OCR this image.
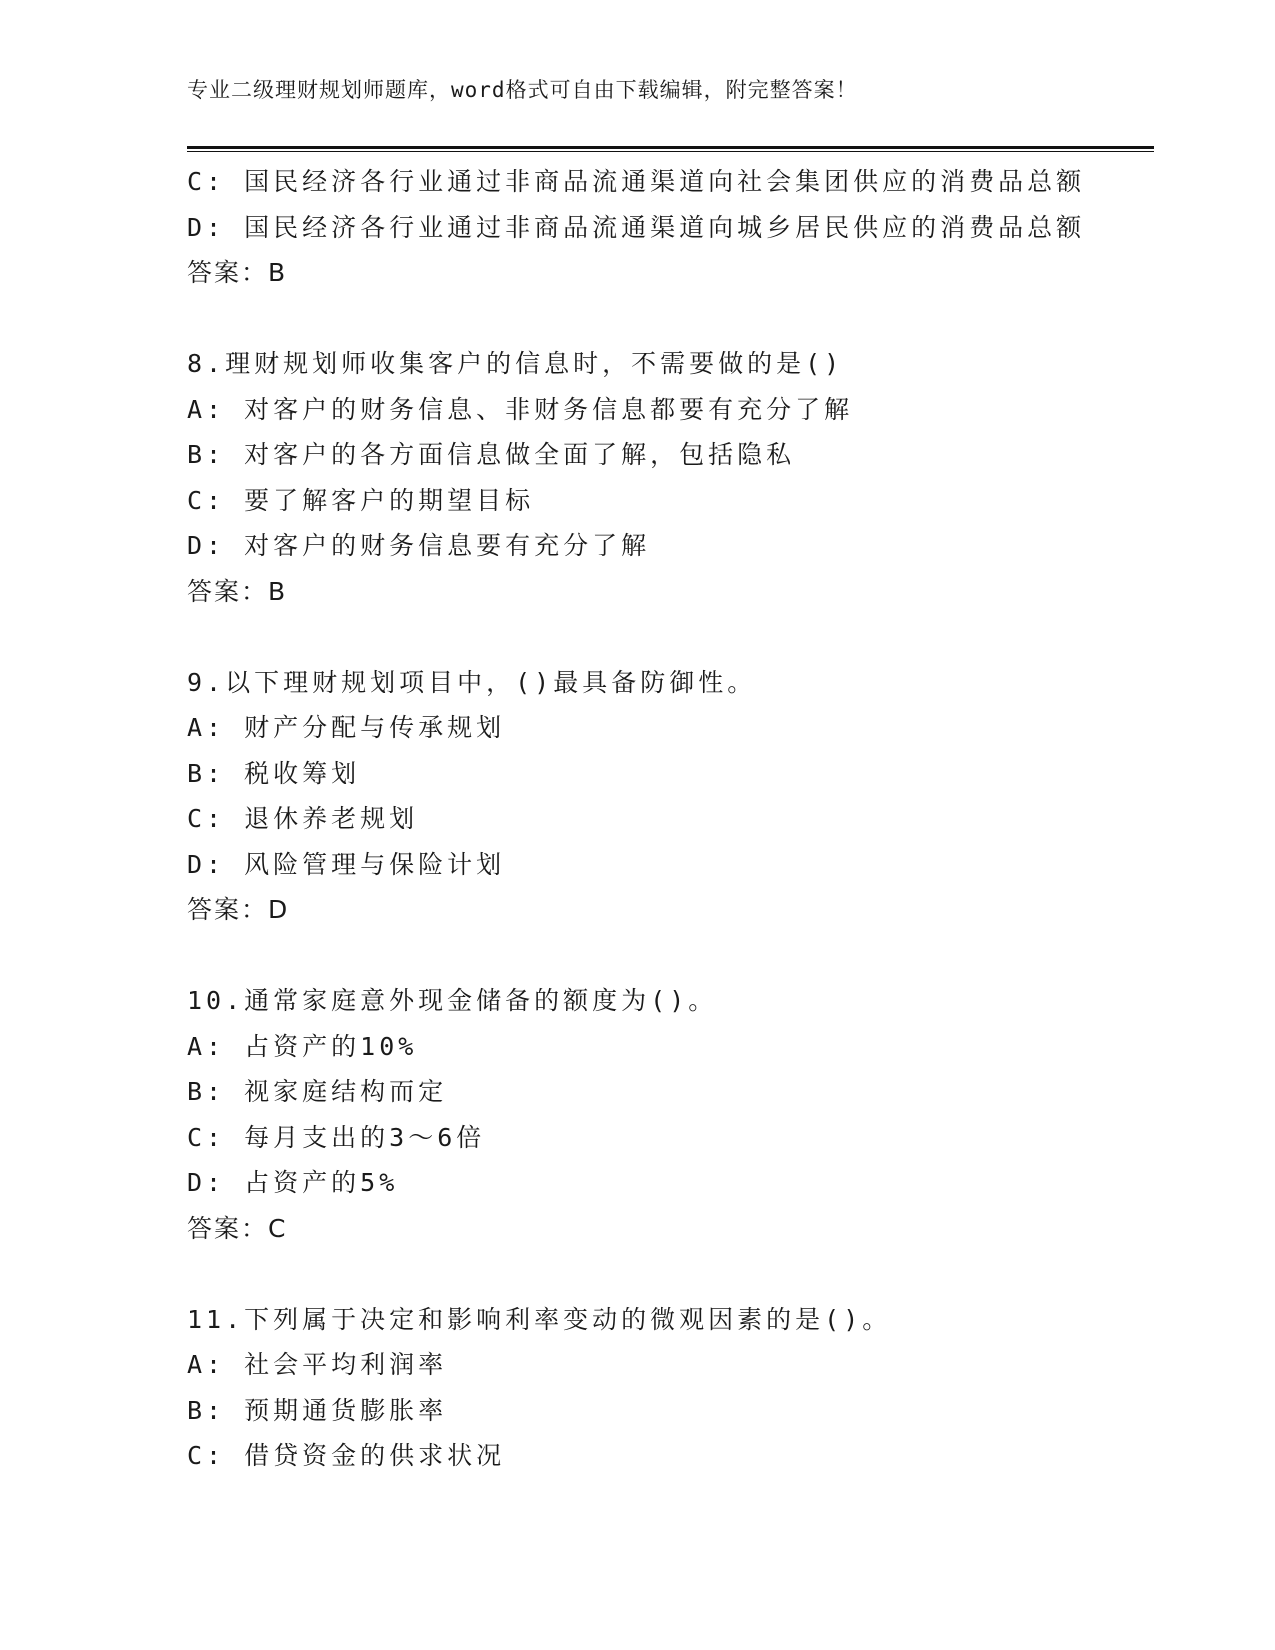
专业二级理财规划师题库，word格式可自由下载编辑，附完整答案！
C: 国民经济各行业通过非商品流通渠道向社会集团供应的消费品总额
D: 国民经济各行业通过非商品流通渠道向城乡居民供应的消费品总额
答案：B
8.理财规划师收集客户的信息时，不需要做的是()
A: 对客户的财务信息、非财务信息都要有充分了解
B: 对客户的各方面信息做全面了解，包括隐私
C: 要了解客户的期望目标
D: 对客户的财务信息要有充分了解
答案：B
9.以下理财规划项目中，()最具备防御性。
A: 财产分配与传承规划
B: 税收筹划
C: 退休养老规划
D: 风险管理与保险计划
答案：D
10.通常家庭意外现金储备的额度为()。
A: 占资产的10%
B: 视家庭结构而定
C: 每月支出的3～6倍
D: 占资产的5%
答案：C
11.下列属于决定和影响利率变动的微观因素的是()。
A: 社会平均利润率
B: 预期通货膨胀率
C: 借贷资金的供求状况
